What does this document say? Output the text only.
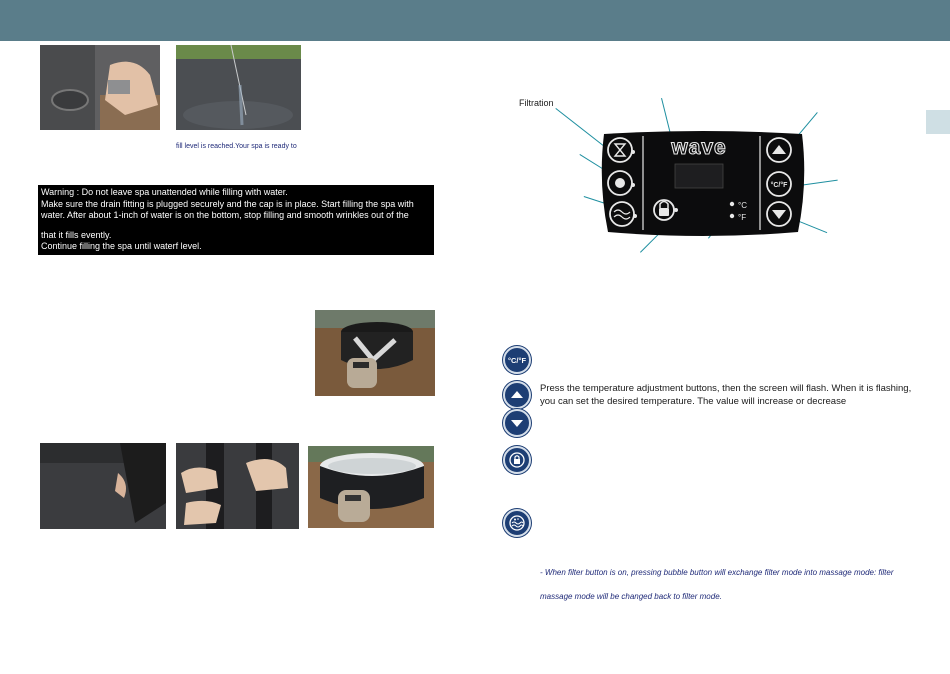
fill level is reached.Your spa is ready to
Warning : Do not leave spa unattended while filling with water.
Make sure the drain fitting is plugged securely and the cap is in place. Start filling the spa with
water. After about 1-inch of water is on the bottom, stop filling and smooth wrinkles out of the
that it fills evently.
Continue filling the spa until waterf level.
Filtration
wave
°C
°F
°C/°F
°C/°F
Press the temperature adjustment buttons, then the screen will flash. When it is flashing, you can set the desired temperature. The value will increase or decrease
- When filter button is on, pressing bubble button will exchange filter mode into massage mode: filter
massage mode will be changed back to filter mode.
